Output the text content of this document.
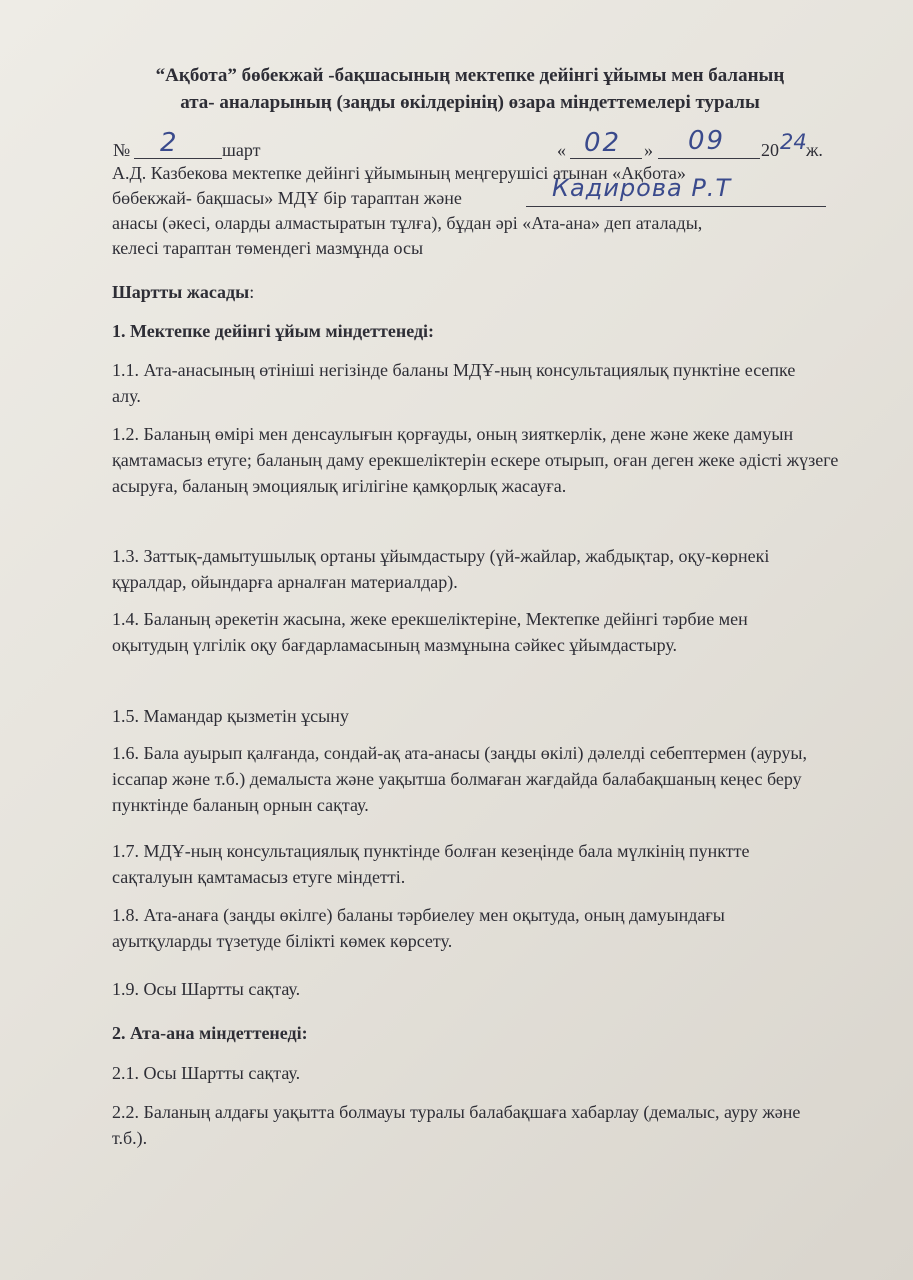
“Ақбота” бөбекжай -бақшасының мектепке дейінгі ұйымы мен баланың
ата- аналарының (заңды өкілдерінің) өзара міндеттемелері туралы
№ 2 шарт	« 02 » 09 20 24 ж.
А.Д. Казбекова мектепке дейінгі ұйымының меңгерушісі атынан «Ақбота»
бөбекжай- бақшасы» МДҰ бір тараптан және	Кадирова Р.Т
анасы (әкесі, оларды алмастыратын тұлға), бұдан әрі «Ата-ана» деп аталады,
келесі тараптан төмендегі мазмұнда осы
Шартты жасады:
1. Мектепке дейінгі ұйым міндеттенеді:
1.1. Ата-анасының өтініші негізінде баланы МДҰ-ның консультациялық пунктіне есепке алу.
1.2. Баланың өмірі мен денсаулығын қорғауды, оның зияткерлік, дене және жеке дамуын қамтамасыз етуге; баланың даму ерекшеліктерін ескере отырып, оған деген жеке әдісті жүзеге асыруға, баланың эмоциялық игілігіне қамқорлық жасауға.
1.3. Заттық-дамытушылық ортаны ұйымдастыру (үй-жайлар, жабдықтар, оқу-көрнекі құралдар, ойындарға арналған материалдар).
1.4. Баланың әрекетін жасына, жеке ерекшеліктеріне, Мектепке дейінгі тәрбие мен оқытудың үлгілік оқу бағдарламасының мазмұнына сәйкес ұйымдастыру.
1.5. Мамандар қызметін ұсыну
1.6. Бала ауырып қалғанда, сондай-ақ ата-анасы (заңды өкілі) дәлелді себептермен (ауруы, іссапар және т.б.) демалыста және уақытша болмаған жағдайда балабақшаның кеңес беру пунктінде баланың орнын сақтау.
1.7. МДҰ-ның консультациялық пунктінде болған кезеңінде бала мүлкінің пунктте сақталуын қамтамасыз етуге міндетті.
1.8. Ата-анаға (заңды өкілге) баланы тәрбиелеу мен оқытуда, оның дамуындағы ауытқуларды түзетуде білікті көмек көрсету.
1.9. Осы Шартты сақтау.
2. Ата-ана міндеттенеді:
2.1. Осы Шартты сақтау.
2.2. Баланың алдағы уақытта болмауы туралы балабақшаға хабарлау (демалыс, ауру және т.б.).
